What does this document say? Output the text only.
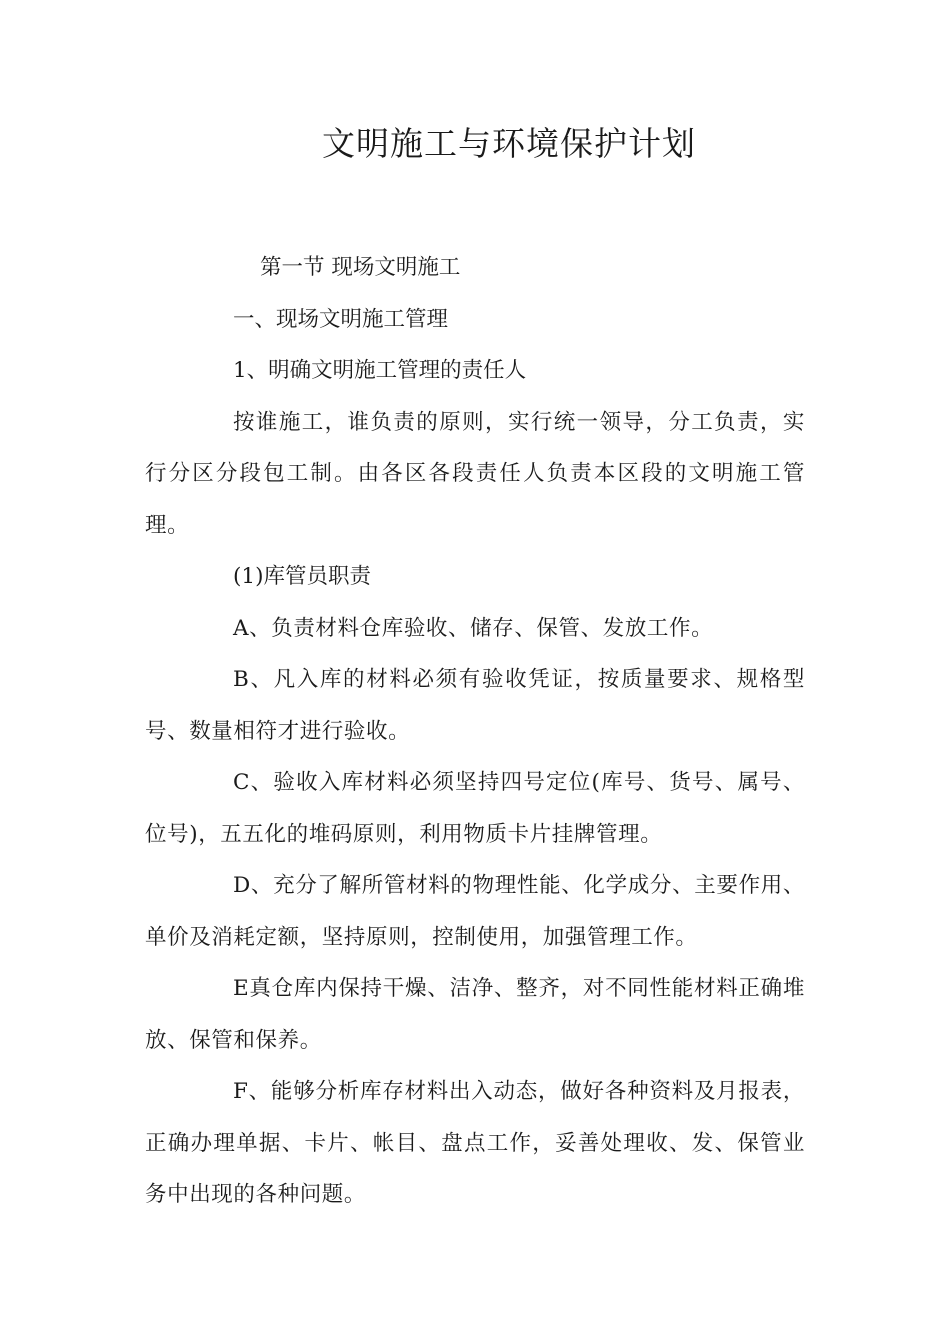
文明施工与环境保护计划
第一节 现场文明施工
一、现场文明施工管理
1、明确文明施工管理的责任人
按谁施工，谁负责的原则，实行统一领导，分工负责，实行分区分段包工制。由各区各段责任人负责本区段的文明施工管理。
(1)库管员职责
A、负责材料仓库验收、储存、保管、发放工作。
B、凡入库的材料必须有验收凭证，按质量要求、规格型号、数量相符才进行验收。
C、验收入库材料必须坚持四号定位(库号、货号、属号、位号)，五五化的堆码原则，利用物质卡片挂牌管理。
D、充分了解所管材料的物理性能、化学成分、主要作用、单价及消耗定额，坚持原则，控制使用，加强管理工作。
E真仓库内保持干燥、洁净、整齐，对不同性能材料正确堆放、保管和保养。
F、能够分析库存材料出入动态，做好各种资料及月报表，正确办理单据、卡片、帐目、盘点工作，妥善处理收、发、保管业务中出现的各种问题。
